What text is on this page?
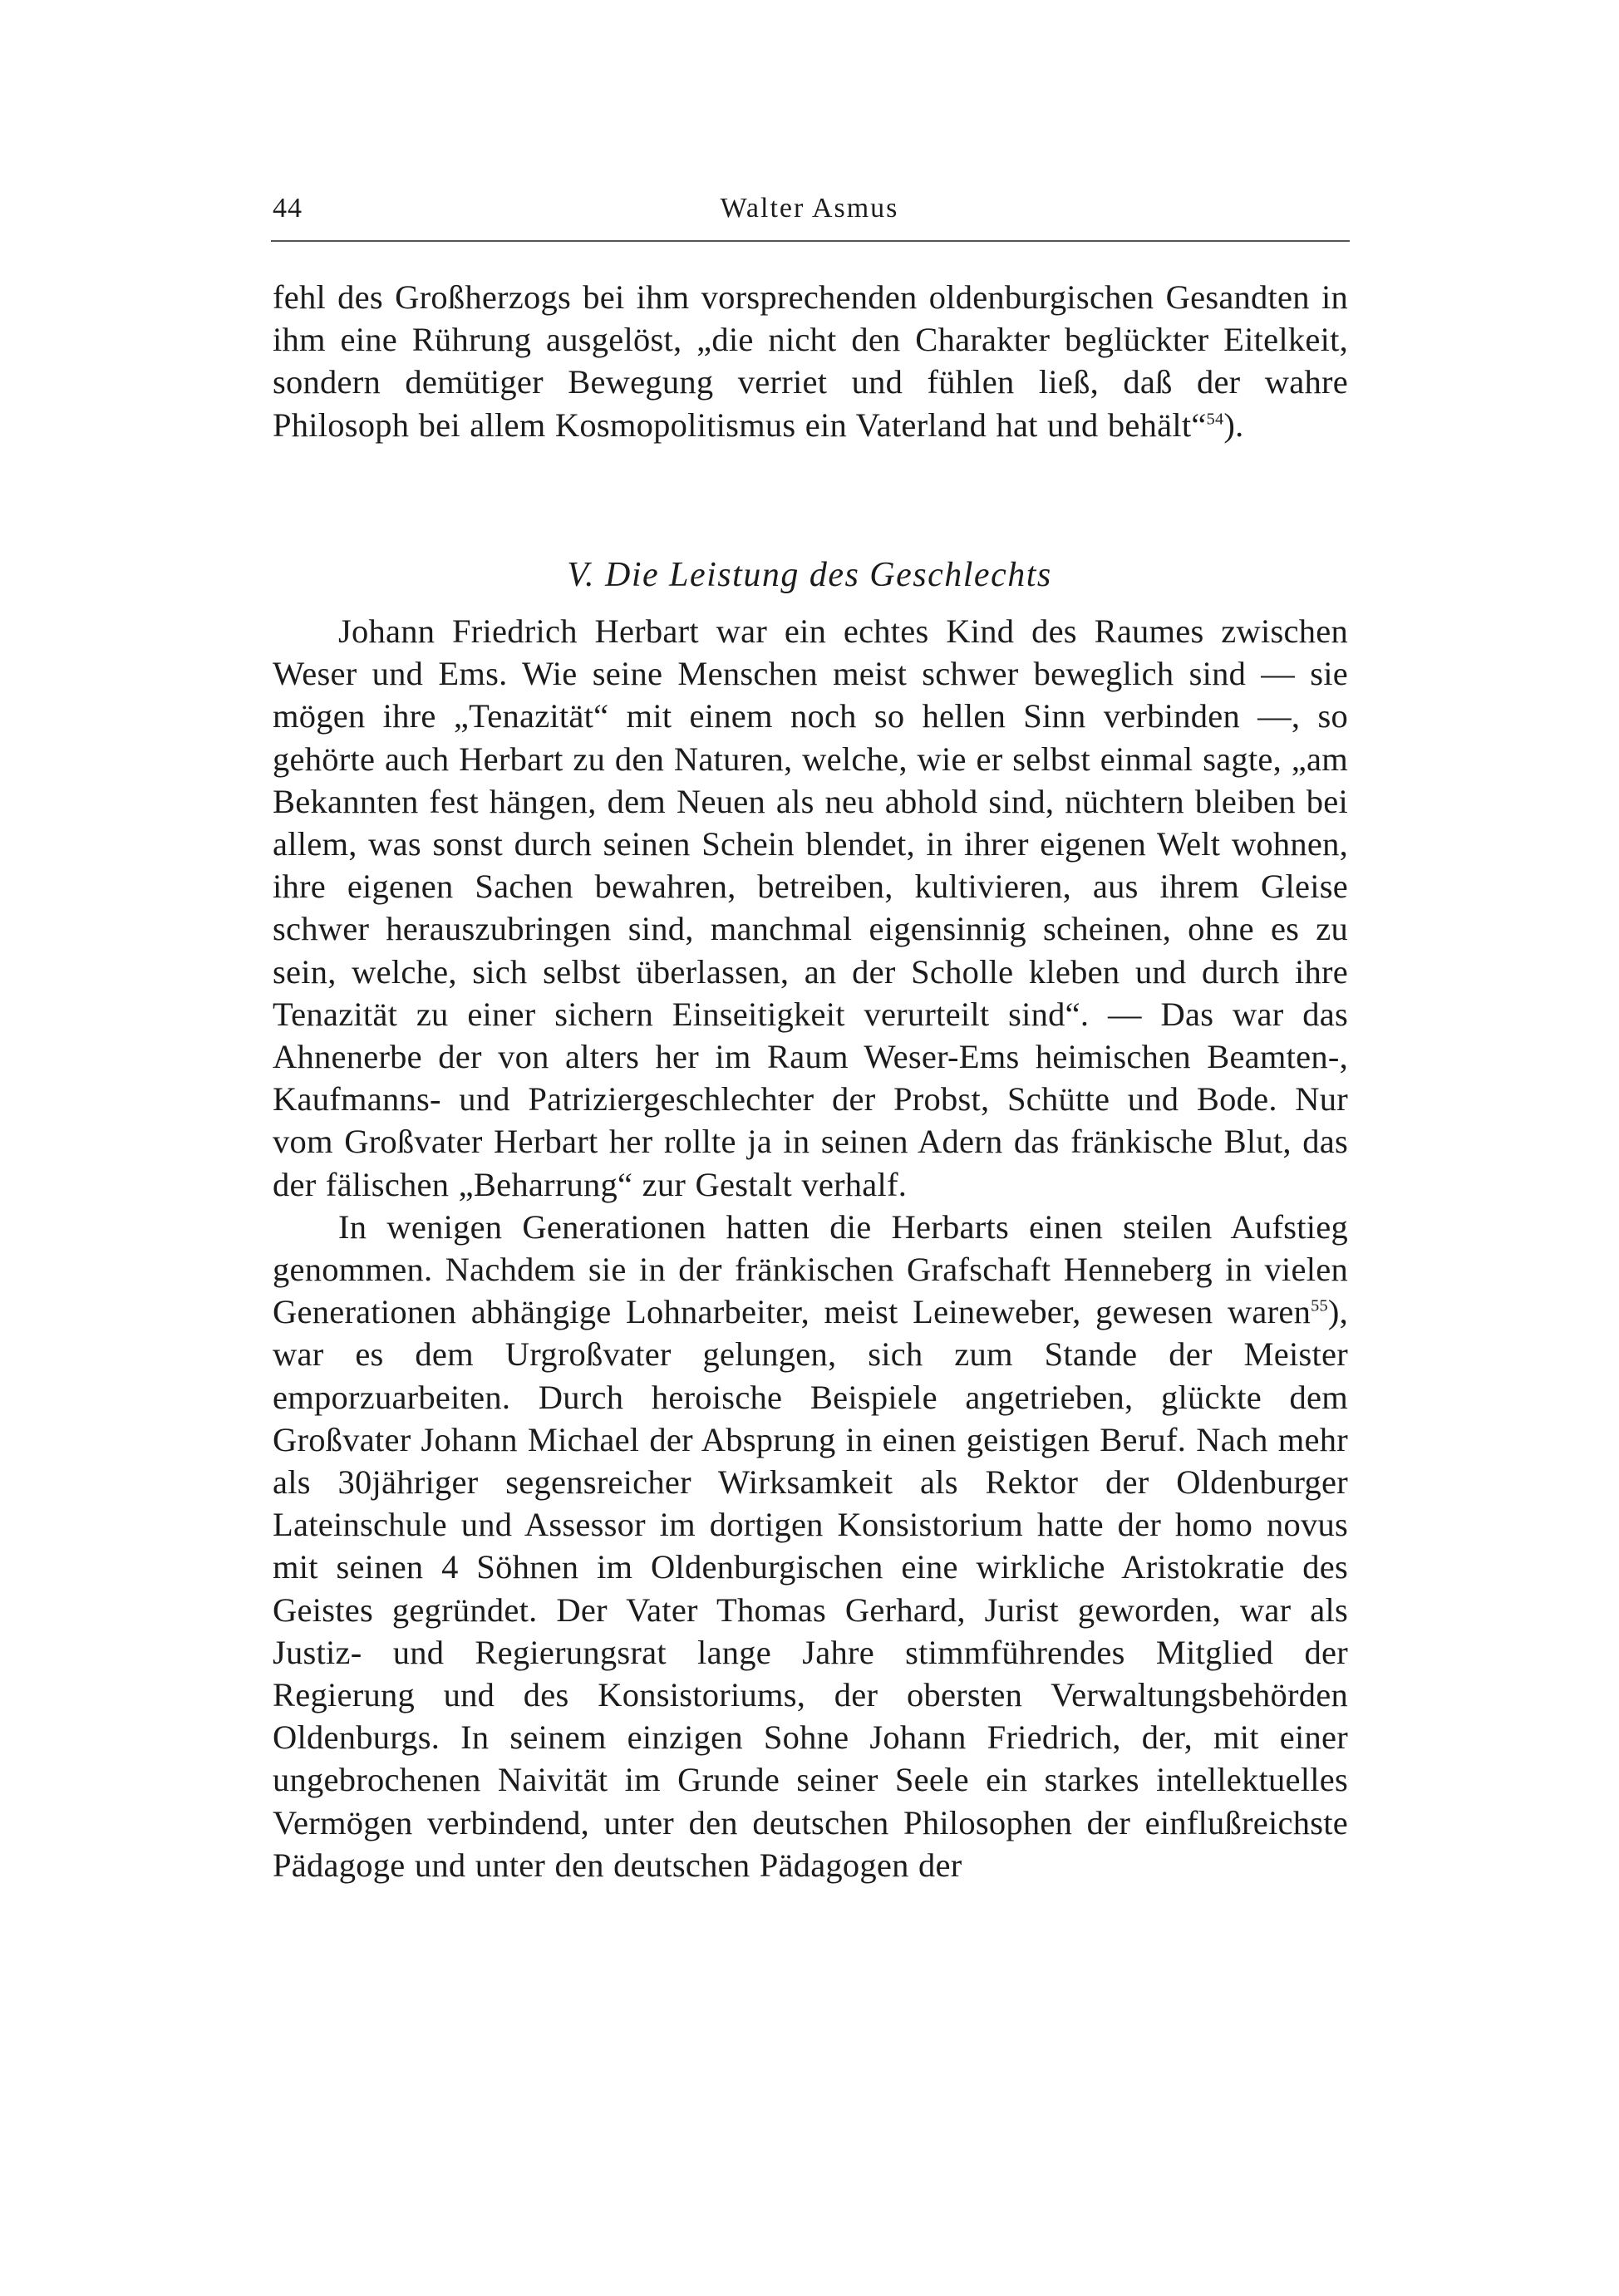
44	Walter Asmus

fehl des Großherzogs bei ihm vorsprechenden oldenburgischen Gesandten in ihm eine Rührung ausgelöst, „die nicht den Charakter beglückter Eitelkeit, sondern demütiger Bewegung verriet und fühlen ließ, daß der wahre Philosoph bei allem Kosmopolitismus ein Vaterland hat und behält“$^{54}$).

V. Die Leistung des Geschlechts

Johann Friedrich Herbart war ein echtes Kind des Raumes zwischen Weser und Ems. Wie seine Menschen meist schwer beweglich sind — sie mögen ihre „Tenazität“ mit einem noch so hellen Sinn verbinden —, so gehörte auch Herbart zu den Naturen, welche, wie er selbst einmal sagte, „am Bekannten fest hängen, dem Neuen als neu abhold sind, nüchtern bleiben bei allem, was sonst durch seinen Schein blendet, in ihrer eigenen Welt wohnen, ihre eigenen Sachen bewahren, betreiben, kultivieren, aus ihrem Gleise schwer herauszubringen sind, manchmal eigensinnig scheinen, ohne es zu sein, welche, sich selbst überlassen, an der Scholle kleben und durch ihre Tenazität zu einer sichern Einseitigkeit verurteilt sind“. — Das war das Ahnenerbe der von alters her im Raum Weser-Ems heimischen Beamten-, Kaufmanns- und Patriziergeschlechter der Probst, Schütte und Bode. Nur vom Großvater Herbart her rollte ja in seinen Adern das fränkische Blut, das der fälischen „Beharrung“ zur Gestalt verhalf.

In wenigen Generationen hatten die Herbarts einen steilen Aufstieg genommen. Nachdem sie in der fränkischen Grafschaft Henneberg in vielen Generationen abhängige Lohnarbeiter, meist Leineweber, gewesen waren$^{55}$), war es dem Urgroßvater gelungen, sich zum Stande der Meister emporzuarbeiten. Durch heroische Beispiele angetrieben, glückte dem Großvater Johann Michael der Absprung in einen geistigen Beruf. Nach mehr als 30jähriger segensreicher Wirksamkeit als Rektor der Oldenburger Lateinschule und Assessor im dortigen Konsistorium hatte der homo novus mit seinen 4 Söhnen im Oldenburgischen eine wirkliche Aristokratie des Geistes gegründet. Der Vater Thomas Gerhard, Jurist geworden, war als Justiz- und Regierungsrat lange Jahre stimmführendes Mitglied der Regierung und des Konsistoriums, der obersten Verwaltungsbehörden Oldenburgs. In seinem einzigen Sohne Johann Friedrich, der, mit einer ungebrochenen Naivität im Grunde seiner Seele ein starkes intellektuelles Vermögen verbindend, unter den deutschen Philosophen der einflußreichste Pädagoge und unter den deutschen Pädagogen der
